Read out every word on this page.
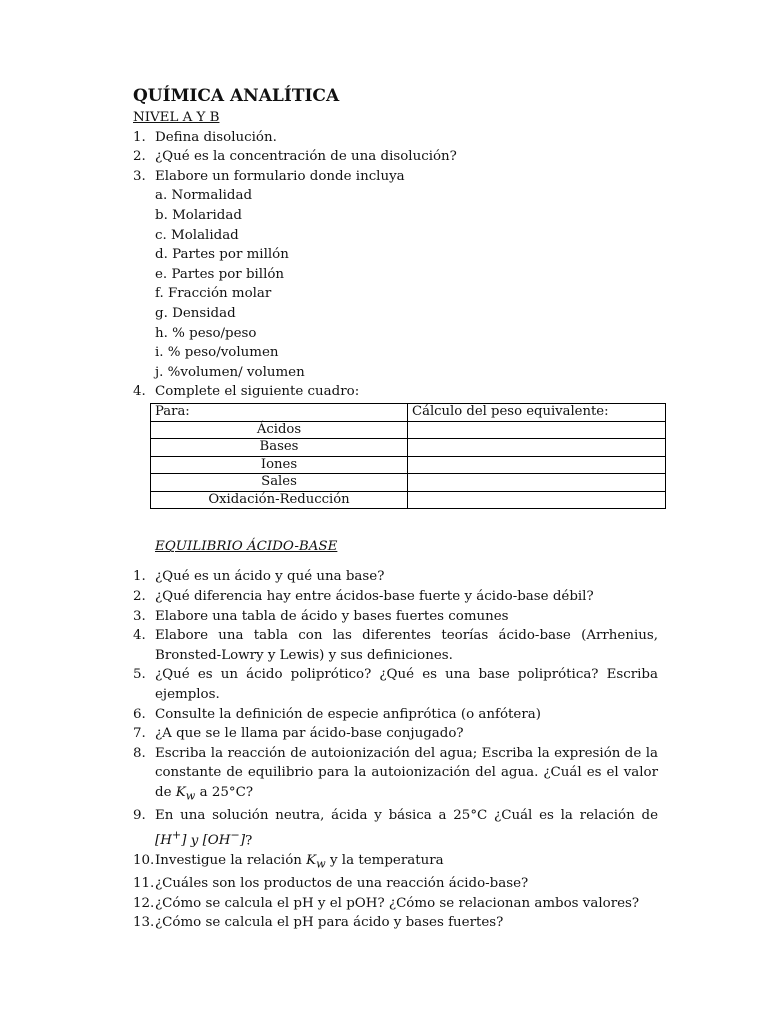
QUÍMICA ANALÍTICA
NIVEL A Y B
1. Defina disolución.
2. ¿Qué es la concentración de una disolución?
3. Elabore un formulario donde incluya
a. Normalidad
b. Molaridad
c. Molalidad
d. Partes por millón
e. Partes por billón
f. Fracción molar
g. Densidad
h. % peso/peso
i. % peso/volumen
j. %volumen/ volumen
4. Complete el siguiente cuadro:
Para:	Cálculo del peso equivalente:
Ácidos	
Bases	
Iones	
Sales	
Oxidación-Reducción	
EQUILIBRIO ÁCIDO-BASE
1. ¿Qué es un ácido y qué una base?
2. ¿Qué diferencia hay entre ácidos-base fuerte y ácido-base débil?
3. Elabore una tabla de ácido y bases fuertes comunes
4. Elabore una tabla con las diferentes teorías ácido-base (Arrhenius, Bronsted-Lowry y Lewis) y sus definiciones.
5. ¿Qué es un ácido poliprótico? ¿Qué es una base poliprótica? Escriba ejemplos.
6. Consulte la definición de especie anfiprótica (o anfótera)
7. ¿A que se le llama par ácido-base conjugado?
8. Escriba la reacción de autoionización del agua; Escriba la expresión de la constante de equilibrio para la autoionización del agua. ¿Cuál es el valor de $K_w$ a 25°C?
9. En una solución neutra, ácida y básica a 25°C ¿Cuál es la relación de [H+] y [OH−]?
10. Investigue la relación $K_w$ y la temperatura
11. ¿Cuáles son los productos de una reacción ácido-base?
12. ¿Cómo se calcula el pH y el pOH? ¿Cómo se relacionan ambos valores?
13. ¿Cómo se calcula el pH para ácido y bases fuertes?
